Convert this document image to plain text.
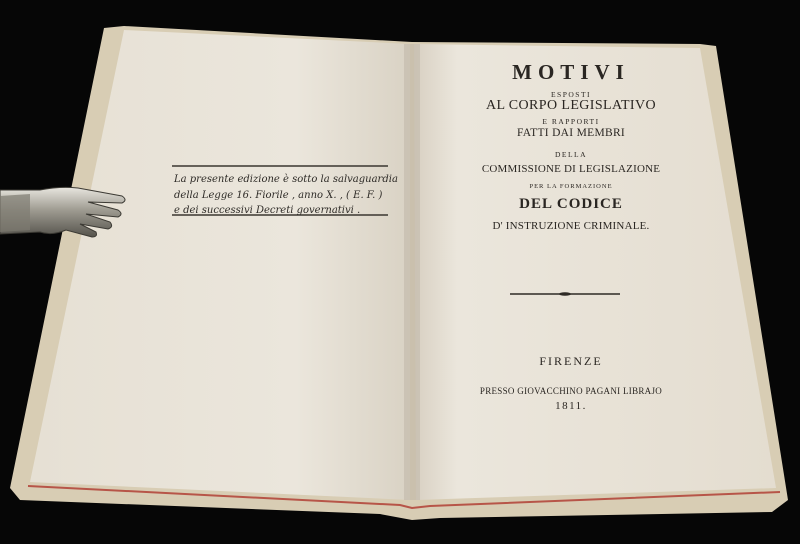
La presente edizione è sotto la salvaguardia
della Legge 16. Fiorile , anno X. , ( E. F. )
e dei successivi Decreti governativi .
MOTIVI
ESPOSTI
AL CORPO LEGISLATIVO
E RAPPORTI
FATTI DAI MEMBRI
DELLA
COMMISSIONE DI LEGISLAZIONE
PER LA FORMAZIONE
DEL CODICE
D' INSTRUZIONE CRIMINALE.
FIRENZE
PRESSO GIOVACCHINO PAGANI LIBRAJO
1811.
